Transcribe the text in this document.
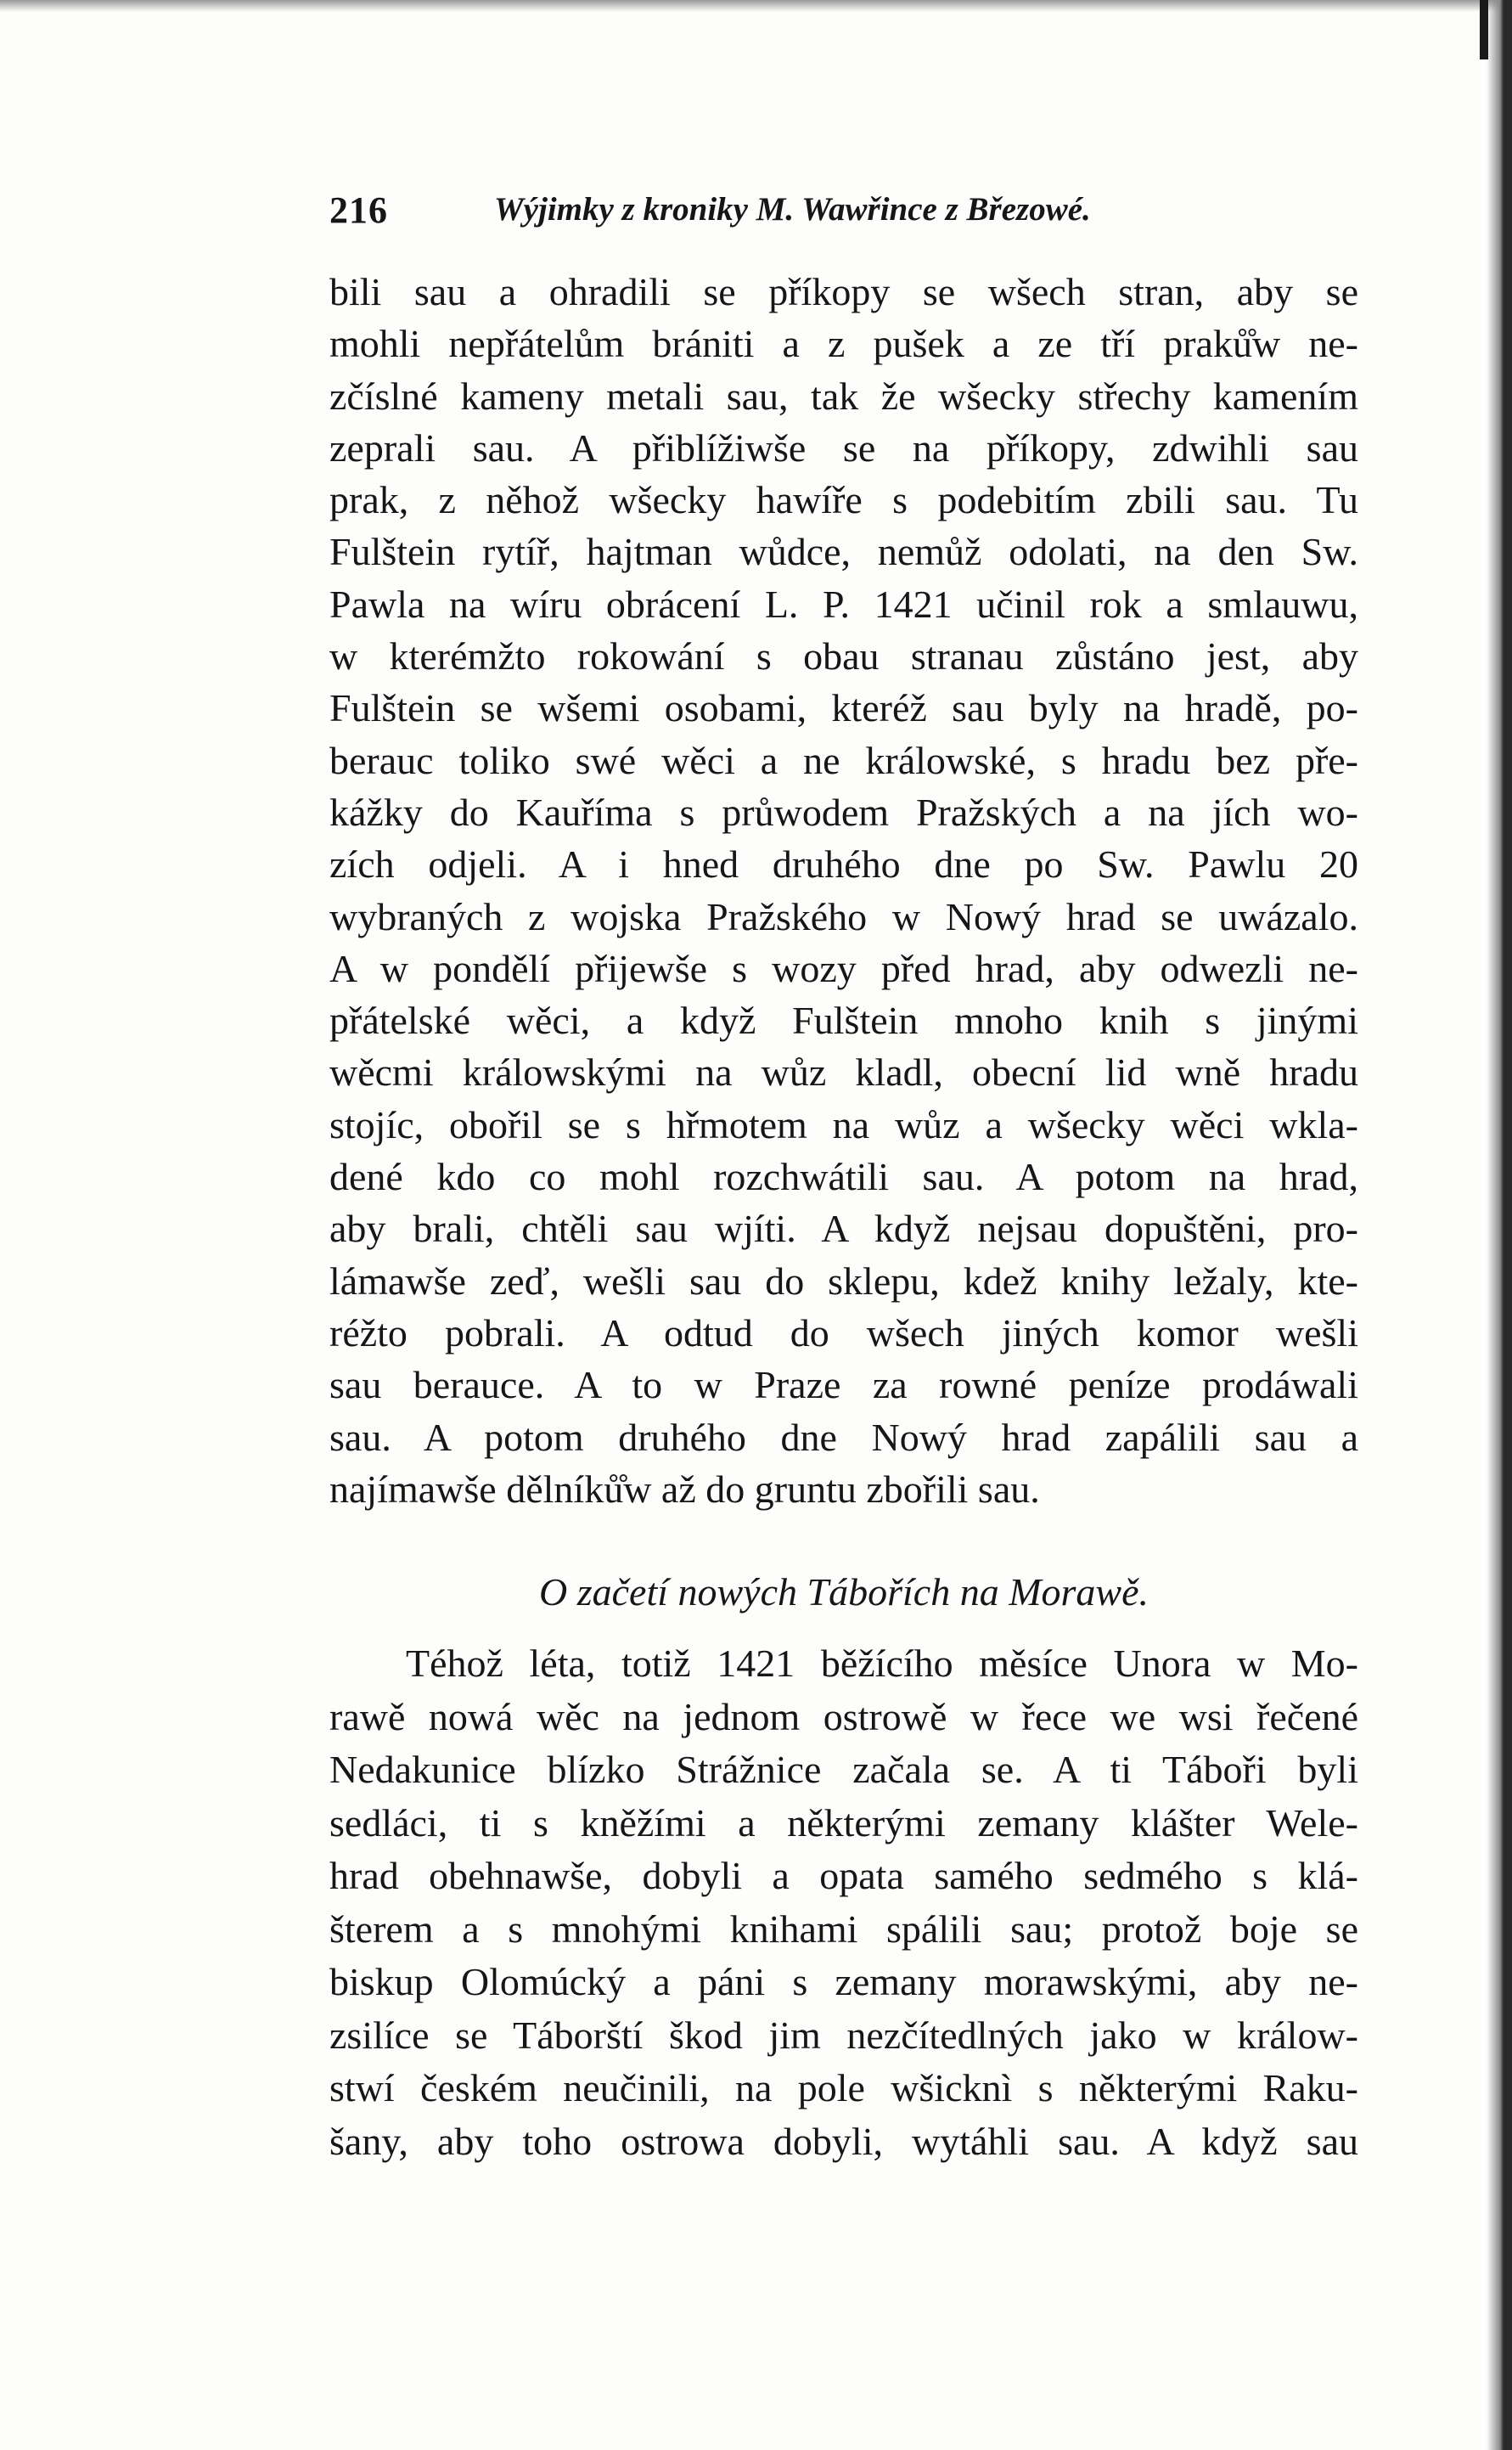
216	Wýjimky z kroniky M. Wawřince z Březowé.
bili sau a ohradili se příkopy se wšech stran, aby se
mohli nepřátelům brániti a z pušek a ze tří praků̊w ne-
zčíslné kameny metali sau, tak že wšecky střechy kamením
zeprali sau. A přiblížiwše se na příkopy, zdwihli sau
prak, z něhož wšecky hawíře s podebitím zbili sau. Tu
Fulštein rytíř, hajtman wůdce, nemůž odolati, na den Sw.
Pawla na wíru obrácení L. P. 1421 učinil rok a smlauwu,
w kterémžto rokowání s obau stranau zůstáno jest, aby
Fulštein se wšemi osobami, kteréž sau byly na hradě, po-
berauc toliko swé wěci a ne králowské, s hradu bez pře-
kážky do Kauříma s průwodem Pražských a na jích wo-
zích odjeli. A i hned druhého dne po Sw. Pawlu 20
wybraných z wojska Pražského w Nowý hrad se uwázalo.
A w pondělí přijewše s wozy před hrad, aby odwezli ne-
přátelské wěci, a když Fulštein mnoho knih s jinými
wěcmi králowskými na wůz kladl, obecní lid wně hradu
stojíc, obořil se s hřmotem na wůz a wšecky wěci wkla-
dené kdo co mohl rozchwátili sau. A potom na hrad,
aby brali, chtěli sau wjíti. A když nejsau dopuštěni, pro-
lámawše zeď, wešli sau do sklepu, kdež knihy ležaly, kte-
réžto pobrali. A odtud do wšech jiných komor wešli
sau berauce. A to w Praze za rowné peníze prodáwali
sau. A potom druhého dne Nowý hrad zapálili sau a
najímawše dělníků̊w až do gruntu zbořili sau.
O začetí nowých Tábořích na Morawě.
Téhož léta, totiž 1421 běžícího měsíce Unora w Mo-
rawě nowá wěc na jednom ostrowě w řece we wsi řečené
Nedakunice blízko Strážnice začala se. A ti Táboři byli
sedláci, ti s kněžími a některými zemany klášter Wele-
hrad obehnawše, dobyli a opata samého sedmého s klá-
šterem a s mnohými knihami spálili sau; protož boje se
biskup Olomúcký a páni s zemany morawskými, aby ne-
zsilíce se Táborští škod jim nezčítedlných jako w králow-
stwí českém neučinili, na pole wšicknì s některými Raku-
šany, aby toho ostrowa dobyli, wytáhli sau. A když sau
